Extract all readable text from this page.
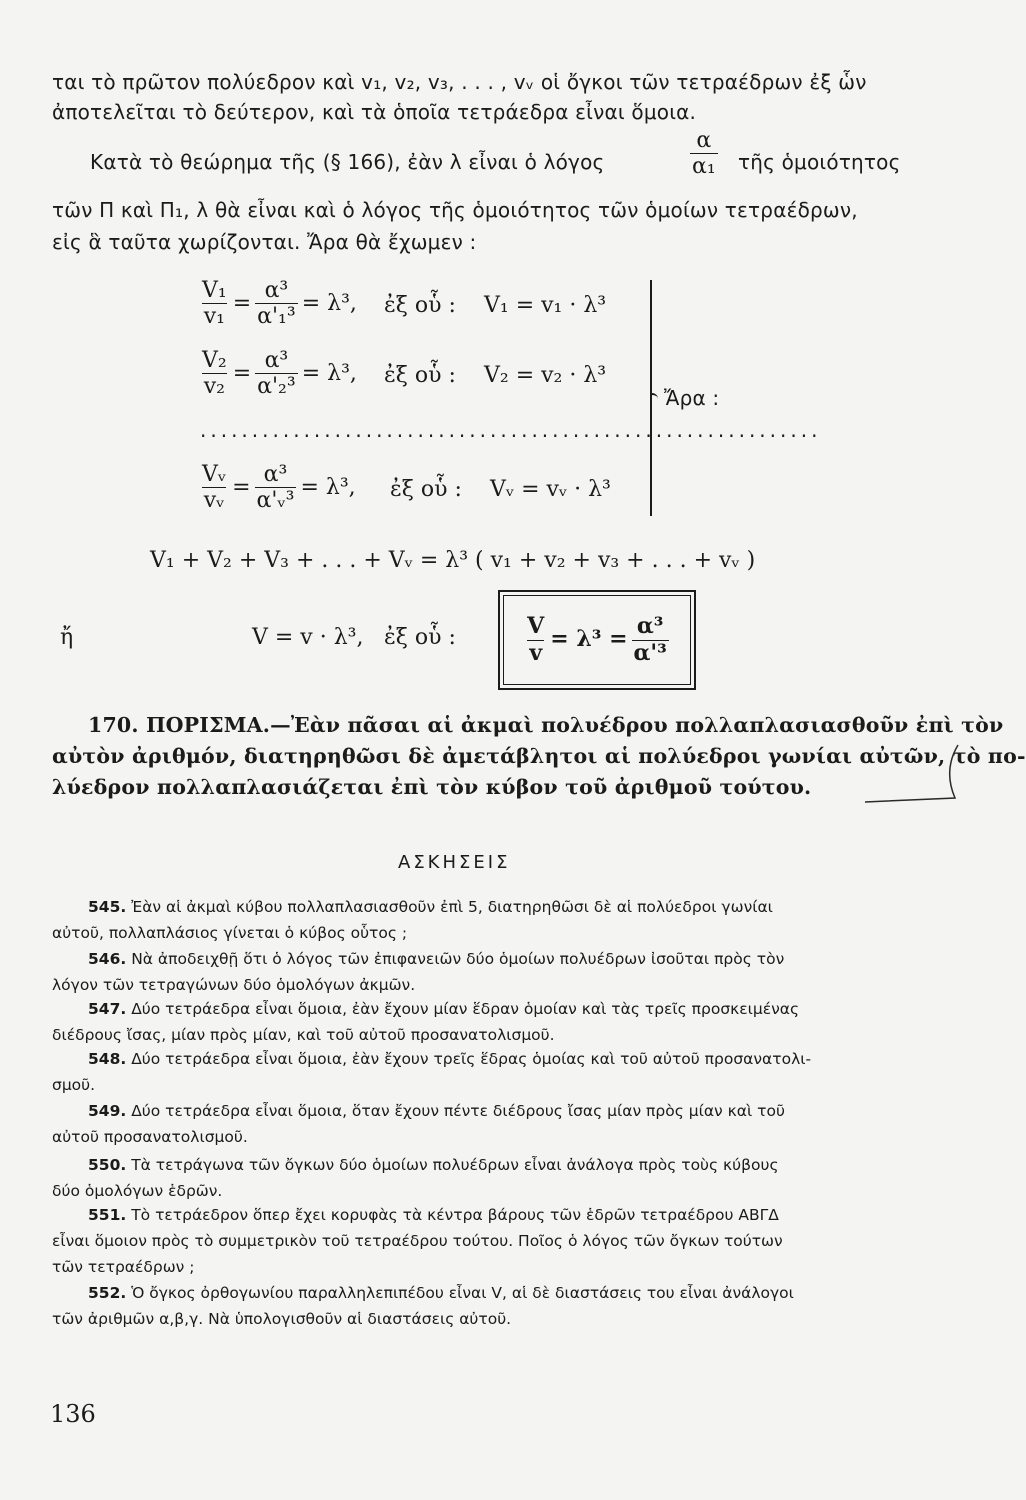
ται τὸ πρῶτον πολύεδρον καὶ v₁, v₂, v₃, . . . , vᵥ οἱ ὄγκοι τῶν τετραέδρων ἐξ ὧν
ἀποτελεῖται τὸ δεύτερον, καὶ τὰ ὁποῖα τετράεδρα εἶναι ὅμοια.
Κατὰ τὸ θεώρημα τῆς (§ 166), ἐὰν λ εἶναι ὁ λόγος	$\frac{\alpha}{\text{α₁}}$ τῆς ὁμοιότητος
τῶν Π καὶ Π₁, λ θὰ εἶναι καὶ ὁ λόγος τῆς ὁμοιότητος τῶν ὁμοίων τετραέδρων,
εἰς ἃ ταῦτα χωρίζονται. Ἄρα θὰ ἔχωμεν :
$\frac{\text{V₁}}{\text{v₁}} = \frac{\text{α³}}{\text{α'₁³}} = \lambda^3$, ἐξ οὗ : V₁ = v₁ · λ³
$\frac{\text{V₂}}{\text{v₂}} = \frac{\text{α³}}{\text{α'₂³}} = \lambda^3$, ἐξ οὗ : V₂ = v₂ · λ³
............................................................
$\frac{\text{Vᵥ}}{\text{vᵥ}} = \frac{\text{α³}}{\text{α'ᵥ³}} = \lambda^3$, ἐξ οὗ : Vᵥ = vᵥ · λ³
Ἄρα :
V₁ + V₂ + V₃ + . . . + Vᵥ = λ³ ( v₁ + v₂ + v₃ + . . . + vᵥ )
ἤ	V = v · λ³, ἐξ οὗ :	$\frac{V}{v} = \lambda^3 = \frac{\text{α³}}{\text{α'³}}$
170. ΠΟΡΙΣΜΑ.—Ἐὰν πᾶσαι αἱ ἀκμαὶ πολυέδρου πολλαπλασιασθοῦν ἐπὶ τὸν
αὐτὸν ἀριθμόν, διατηρηθῶσι δὲ ἀμετάβλητοι αἱ πολύεδροι γωνίαι αὐτῶν, τὸ πο-
λύεδρον πολλαπλασιάζεται ἐπὶ τὸν κύβον τοῦ ἀριθμοῦ τούτου.
ΑΣΚΗΣΕΙΣ
545. Ἐὰν αἱ ἀκμαὶ κύβου πολλαπλασιασθοῦν ἐπὶ 5, διατηρηθῶσι δὲ αἱ πολύεδροι γωνίαι
αὐτοῦ, πολλαπλάσιος γίνεται ὁ κύβος οὗτος ;
546. Νὰ ἀποδειχθῇ ὅτι ὁ λόγος τῶν ἐπιφανειῶν δύο ὁμοίων πολυέδρων ἰσοῦται πρὸς τὸν
λόγον τῶν τετραγώνων δύο ὁμολόγων ἀκμῶν.
547. Δύο τετράεδρα εἶναι ὅμοια, ἐὰν ἔχουν μίαν ἕδραν ὁμοίαν καὶ τὰς τρεῖς προσκειμένας
διέδρους ἴσας, μίαν πρὸς μίαν, καὶ τοῦ αὐτοῦ προσανατολισμοῦ.
548. Δύο τετράεδρα εἶναι ὅμοια, ἐὰν ἔχουν τρεῖς ἕδρας ὁμοίας καὶ τοῦ αὐτοῦ προσανατολι-
σμοῦ.
549. Δύο τετράεδρα εἶναι ὅμοια, ὅταν ἔχουν πέντε διέδρους ἴσας μίαν πρὸς μίαν καὶ τοῦ
αὐτοῦ προσανατολισμοῦ.
550. Τὰ τετράγωνα τῶν ὄγκων δύο ὁμοίων πολυέδρων εἶναι ἀνάλογα πρὸς τοὺς κύβους
δύο ὁμολόγων ἑδρῶν.
551. Τὸ τετράεδρον ὅπερ ἔχει κορυφὰς τὰ κέντρα βάρους τῶν ἑδρῶν τετραέδρου ΑΒΓΔ
εἶναι ὅμοιον πρὸς τὸ συμμετρικὸν τοῦ τετραέδρου τούτου. Ποῖος ὁ λόγος τῶν ὄγκων τούτων
τῶν τετραέδρων ;
552. Ὁ ὄγκος ὀρθογωνίου παραλληλεπιπέδου εἶναι V, αἱ δὲ διαστάσεις του εἶναι ἀνάλογοι
τῶν ἀριθμῶν α,β,γ. Νὰ ὑπολογισθοῦν αἱ διαστάσεις αὐτοῦ.
136
